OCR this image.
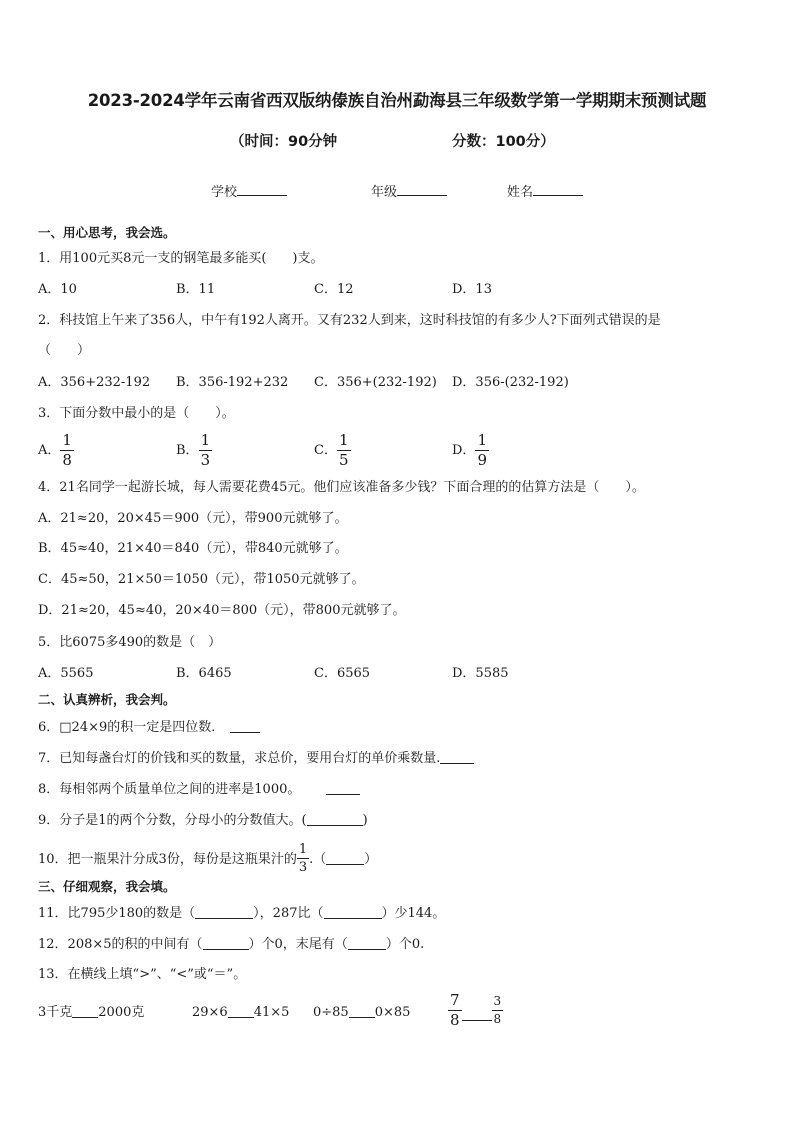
2023-2024学年云南省西双版纳傣族自治州勐海县三年级数学第一学期期末预测试题
（时间：90分钟	分数：100分）
学校	年级	姓名
一、用心思考，我会选。
1．用100元买8元一支的钢笔最多能买(　　)支。
A．10	B．11	C．12	D．13
2．科技馆上午来了356人，中午有192人离开。又有232人到来，这时科技馆的有多少人?下面列式错误的是
（　　）
A．356+232-192 B．356-192+232 C．356+(232-192) D．356-(232-192)
3．下面分数中最小的是（　　）。
A． $\frac{1}{8}$	B． $\frac{1}{3}$	C． $\frac{1}{5}$	D． $\frac{1}{9}$
4．21名同学一起游长城，每人需要花费45元。他们应该准备多少钱？下面合理的的估算方法是（　　）。
A．21≈20，20×45＝900（元），带900元就够了。
B．45≈40，21×40＝840（元），带840元就够了。
C．45≈50，21×50＝1050（元），带1050元就够了。
D．21≈20，45≈40，20×40＝800（元），带800元就够了。
5．比6075多490的数是（　）
A．5565	B．6465	C．6565	D．5585
二、认真辨析，我会判。
6．□24×9的积一定是四位数．
7．已知每盏台灯的价钱和买的数量，求总价，要用台灯的单价乘数量.
8．每相邻两个质量单位之间的进率是1000。
9．分子是1的两个分数，分母小的分数值大。(	)
10．把一瓶果汁分成3份，每份是这瓶果汁的 $\frac{1}{3}$ .（	）
三、仔细观察，我会填。
11．比795少180的数是（	），287比（	）少144。
12．208×5的积的中间有（	）个0，末尾有（	）个0.
13．在横线上填“>”、“<”或“＝”。
3千克 2000克	29×6 41×5 0÷85 0×85	$\frac{7}{8}$	$\frac{3}{8}$
